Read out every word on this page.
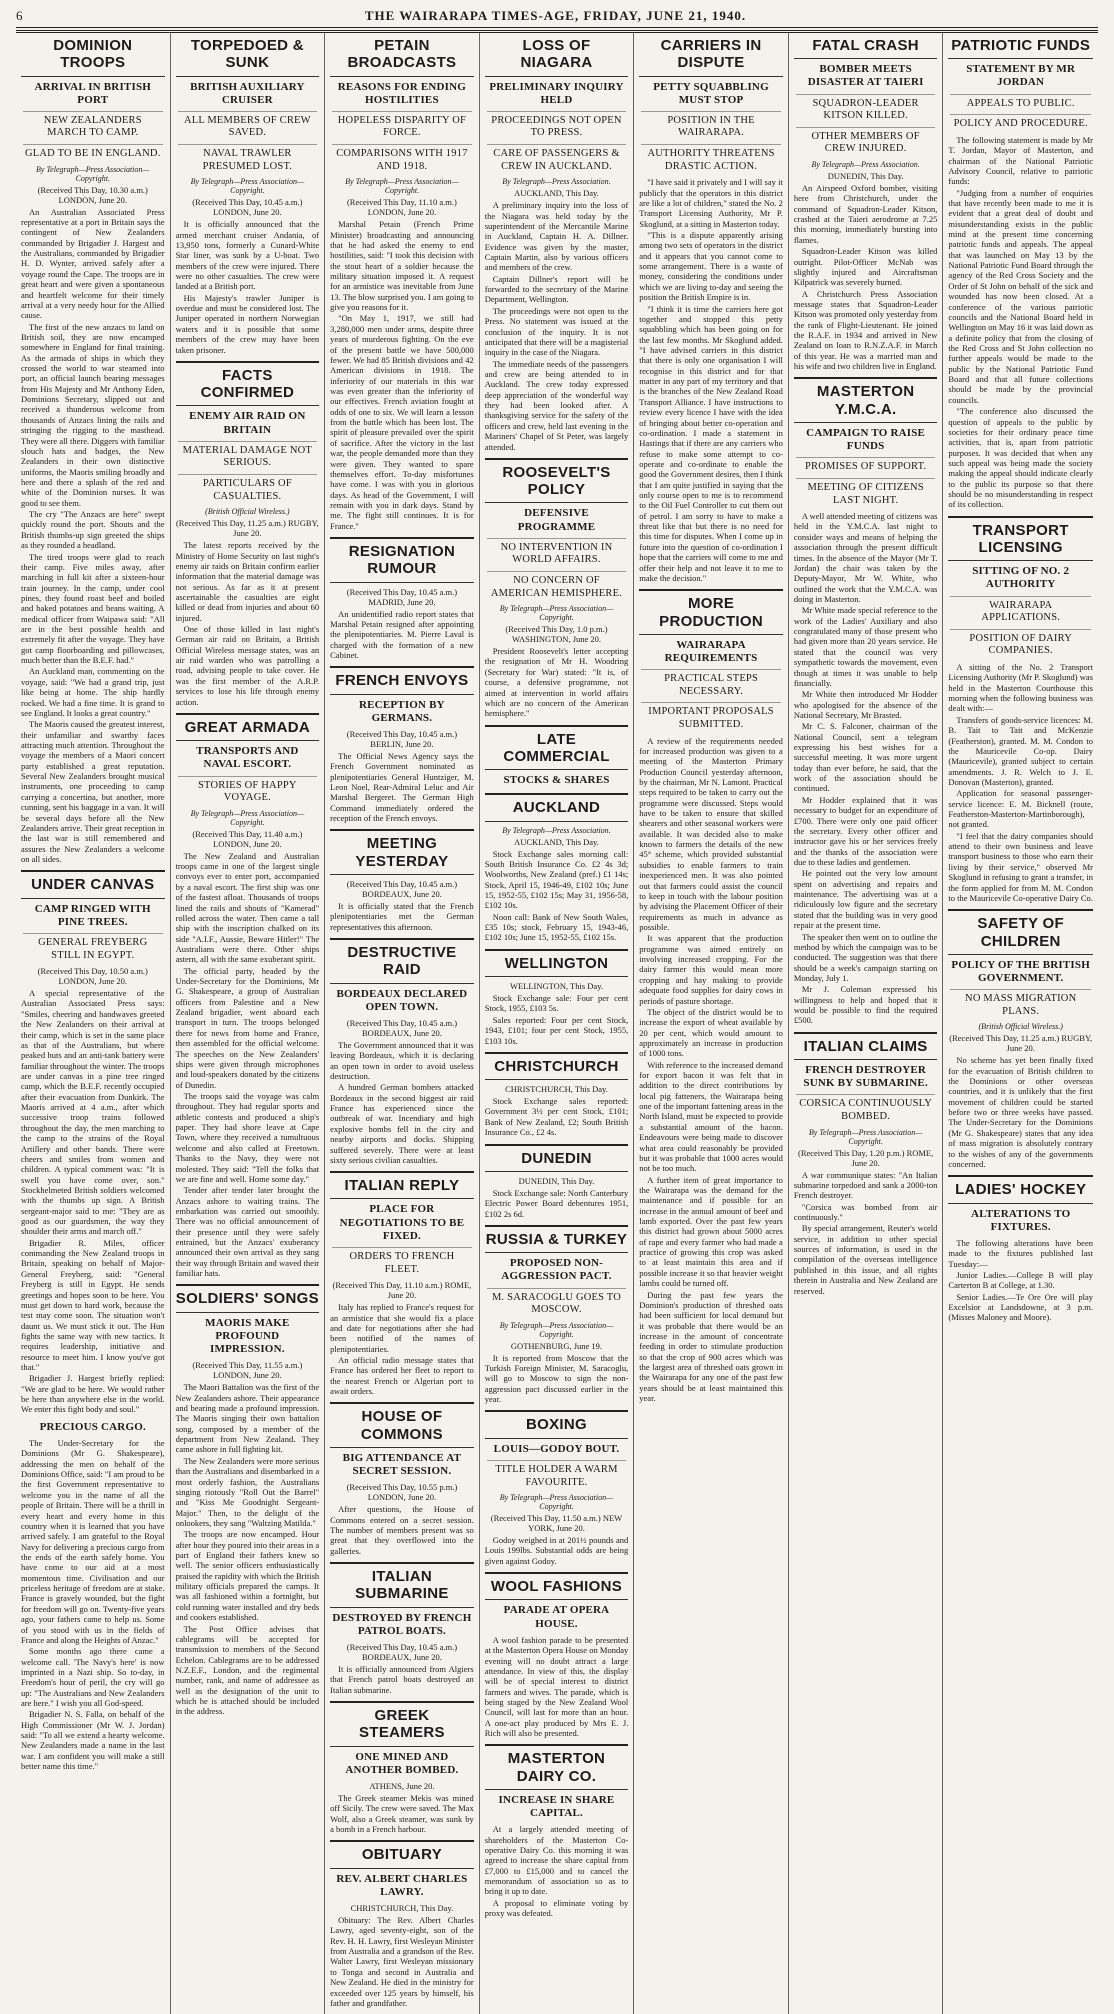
6	THE WAIRARAPA TIMES-AGE, FRIDAY, JUNE 21, 1940.
DOMINION TROOPS
ARRIVAL IN BRITISH PORT
NEW ZEALANDERS MARCH TO CAMP.
GLAD TO BE IN ENGLAND.
By Telegraph—Press Association—Copyright.
(Received This Day, 10.30 a.m.) LONDON, June 20.

An Australian Associated Press representative at a port in Britain says the contingent of New Zealanders commanded by Brigadier J. Hargest and the Australians, commanded by Brigadier H. D. Wynter, arrived safely after a voyage round the Cape. The troops are in great heart and were given a spontaneous and heartfelt welcome for their timely arrival at a very needy hour for the Allied cause.

The first of the new anzacs to land on British soil, they are now encamped somewhere in England for final training. As the armada of ships in which they crossed the world to war steamed into port, an official launch bearing messages from His Majesty and Mr Anthony Eden, Dominions Secretary, slipped out and received a thunderous welcome from thousands of Anzacs lining the rails and stringing the rigging to the masthead. They were all there. Diggers with familiar slouch hats and badges, the New Zealanders in their own distinctive uniforms, the Maoris smiling broadly and here and there a splash of the red and white of the Dominion nurses. It was good to see them.

The cry "The Anzacs are here" swept quickly round the port. Shouts and the British thumbs-up sign greeted the ships as they rounded a headland.

The tired troops were glad to reach their camp. Five miles away, after marching in full kit after a sixteen-hour train journey. In the camp, under cool pines, they found roast beef and boiled and baked potatoes and beans waiting. A medical officer from Waipawa said: "All are in the best possible health and extremely fit after the voyage. They have got camp floorboarding and pillowcases, much better than the B.E.F. had."

An Auckland man, commenting on the voyage, said: "We had a grand trip, just like being at home. The ship hardly rocked. We had a fine time. It is grand to see England. It looks a great country."

The Maoris caused the greatest interest, their unfamiliar and swarthy faces attracting much attention. Throughout the voyage the members of a Maori concert party established a great reputation. Several New Zealanders brought musical instruments, one proceeding to camp carrying a concertina, but another, more cunning, sent his baggage in a van. It will be several days before all the New Zealanders arrive. Their great reception in the last war is still remembered and assures the New Zealanders a welcome on all sides.

UNDER CANVAS
CAMP RINGED WITH PINE TREES.
GENERAL FREYBERG STILL IN EGYPT.
(Received This Day, 10.50 a.m.) LONDON, June 20.

A special representative of the Australian Associated Press says: "Smiles, cheering and handwaves greeted the New Zealanders on their arrival at their camp, which is set in the same place as that of the Australians, but where peaked huts and an anti-tank battery were familiar throughout the winter. The troops are under canvas in a pine tree ringed camp, which the B.E.F. recently occupied after their evacuation from Dunkirk. The Maoris arrived at 4 a.m., after which successive troop trains followed throughout the day, the men marching to the camp to the strains of the Royal Artillery and other bands. There were cheers and smiles from women and children. A typical comment was: "It is swell you have come over, son." Stockhelmeted British soldiers welcomed with the thumbs up sign. A British sergeant-major said to me: "They are as good as our guardsmen, the way they shoulder their arms and march off."

Brigadier R. Miles, officer commanding the New Zealand troops in Britain, speaking on behalf of Major-General Freyberg, said: "General Freyberg is still in Egypt. He sends greetings and hopes soon to be here. You must get down to hard work, because the test may come soon. The situation won't daunt us. We must stick it out. The Hun fights the same way with new tactics. It requires leadership, initiative and resource to meet him. I know you've got that."

Brigadier J. Hargest briefly replied: "We are glad to be here. We would rather be here than anywhere else in the world. We enter this fight body and soul."

PRECIOUS CARGO.

The Under-Secretary for the Dominions (Mr G. Shakespeare), addressing the men on behalf of the Dominions Office, said: "I am proud to be the first Government representative to welcome you in the name of all the people of Britain. There will be a thrill in every heart and every home in this country when it is learned that you have arrived safely. I am grateful to the Royal Navy for delivering a precious cargo from the ends of the earth safely home. You have come to our aid at a most momentous time. Civilisation and our priceless heritage of freedom are at stake. France is gravely wounded, but the fight for freedom will go on. Twenty-five years ago, your fathers came to help us. Some of you stood with us in the fields of France and along the Heights of Anzac."

Some months ago there came a welcome call. 'The Navy's here' is now imprinted in a Nazi ship. So to-day, in Freedom's hour of peril, the cry will go up: "The Australians and New Zealanders are here." I wish you all God-speed.

Brigadier N. S. Falla, on behalf of the High Commissioner (Mr W. J. Jordan) said: "To all we extend a hearty welcome. New Zealanders made a name in the last war. I am confident you will make a still better name this time."

TORPEDOED & SUNK
BRITISH AUXILIARY CRUISER
ALL MEMBERS OF CREW SAVED.
NAVAL TRAWLER PRESUMED LOST.
By Telegraph—Press Association—Copyright.
(Received This Day, 10.45 a.m.) LONDON, June 20.

It is officially announced that the armed merchant cruiser Andania, of 13,950 tons, formerly a Cunard-White Star liner, was sunk by a U-boat. Two members of the crew were injured. There were no other casualties. The crew were landed at a British port.

His Majesty's trawler Juniper is overdue and must be considered lost. The Juniper operated in northern Norwegian waters and it is possible that some members of the crew may have been taken prisoner.

FACTS CONFIRMED
ENEMY AIR RAID ON BRITAIN
MATERIAL DAMAGE NOT SERIOUS.
PARTICULARS OF CASUALTIES.
(British Official Wireless.)
(Received This Day, 11.25 a.m.) RUGBY, June 20.

The latest reports received by the Ministry of Home Security on last night's enemy air raids on Britain confirm earlier information that the material damage was not serious. As far as it at present ascertainable the casualties are eight killed or dead from injuries and about 60 injured.

One of those killed in last night's German air raid on Britain, a British Official Wireless message states, was an air raid warden who was patrolling a road, advising people to take cover. He was the first member of the A.R.P. services to lose his life through enemy action.

GREAT ARMADA
TRANSPORTS AND NAVAL ESCORT.
STORIES OF HAPPY VOYAGE.
By Telegraph—Press Association—Copyright.
(Received This Day, 11.40 a.m.) LONDON, June 20.

The New Zealand and Australian troops came in one of the largest single convoys ever to enter port, accompanied by a naval escort. The first ship was one of the fastest afloat. Thousands of troops lined the rails and shouts of "Kamerad" rolled across the water. Then came a tall ship with the inscription chalked on its side "A.I.F., Aussie, Beware Hitler!" The Australians were there. Other ships astern, all with the same exuberant spirit.

The official party, headed by the Under-Secretary for the Dominions, Mr G. Shakespeare, a group of Australian officers from Palestine and a New Zealand brigadier, went aboard each transport in turn. The troops belonged there for news from home and France, then assembled for the official welcome. The speeches on the New Zealanders' ships were given through microphones and loud-speakers donated by the citizens of Dunedin.

The troops said the voyage was calm throughout. They had regular sports and athletic contests and produced a ship's paper. They had shore leave at Cape Town, where they received a tumultuous welcome and also called at Freetown. Thanks to the Navy, they were not molested. They said: "Tell the folks that we are fine and well. Home some day."

Tender after tender later brought the Anzacs ashore to waiting trains. The embarkation was carried out smoothly. There was no official announcement of their presence until they were safely entrained, but the Anzacs' exuberancy announced their own arrival as they sang their way through Britain and waved their familiar hats.

SOLDIERS' SONGS
MAORIS MAKE PROFOUND IMPRESSION.
(Received This Day, 11.55 a.m.) LONDON, June 20.

The Maori Battalion was the first of the New Zealanders ashore. Their appearance and bearing made a profound impression. The Maoris singing their own battalion song, composed by a member of the department from New Zealand. They came ashore in full fighting kit.

The New Zealanders were more serious than the Australians and disembarked in a most orderly fashion, the Australians singing riotously "Roll Out the Barrel" and "Kiss Me Goodnight Sergeant-Major." Then, to the delight of the onlookers, they sang "Waltzing Matilda."

The troops are now encamped. Hour after hour they poured into their areas in a part of England their fathers knew so well. The senior officers enthusiastically praised the rapidity with which the British military officials prepared the camps. It was all fashioned within a fortnight, but cold running water installed and dry beds and cookers established.

The Post Office advises that cablegrams will be accepted for transmission to members of the Second Echelon. Cablegrams are to be addressed N.Z.E.F., London, and the regimental number, rank, and name of addressee as well as the designation of the unit to which he is attached should be included in the address.

PETAIN BROADCASTS
REASONS FOR ENDING HOSTILITIES
HOPELESS DISPARITY OF FORCE.
COMPARISONS WITH 1917 AND 1918.
By Telegraph—Press Association—Copyright.
(Received This Day, 11.10 a.m.) LONDON, June 20.

Marshal Petain (French Prime Minister) broadcasting and announcing that he had asked the enemy to end hostilities, said: "I took this decision with the stout heart of a soldier because the military situation imposed it. A request for an armistice was inevitable from June 13. The blow surprised you. I am going to give you reasons for it.

"On May 1, 1917, we still had 3,280,000 men under arms, despite three years of murderous fighting. On the eve of the present battle we have 500,000 fewer. We had 85 British divisions and 42 American divisions in 1918. The inferiority of our materials in this war was even greater than the inferiority of our effectives. French aviation fought at odds of one to six. We will learn a lesson from the battle which has been lost. The spirit of pleasure prevailed over the spirit of sacrifice. After the victory in the last war, the people demanded more than they were given. They wanted to spare themselves effort. To-day misfortunes have come. I was with you in glorious days. As head of the Government, I will remain with you in dark days. Stand by me. The fight still continues. It is for France."

RESIGNATION RUMOUR
(Received This Day, 10.45 a.m.) MADRID, June 20.

An unidentified radio report states that Marshal Petain resigned after appointing the plenipotentiaries. M. Pierre Laval is charged with the formation of a new Cabinet.

FRENCH ENVOYS
RECEPTION BY GERMANS.
(Received This Day, 10.45 a.m.) BERLIN, June 20.

The Official News Agency says the French Government nominated as plenipotentiaries General Huntziger, M. Leon Noel, Rear-Admiral Leluc and Air Marshal Bergeret. The German High Command immediately ordered the reception of the French envoys.

MEETING YESTERDAY
(Received This Day, 10.45 a.m.) BORDEAUX, June 20.

It is officially stated that the French plenipotentiaries met the German representatives this afternoon.

DESTRUCTIVE RAID
BORDEAUX DECLARED OPEN TOWN.
(Received This Day, 10.45 a.m.) BORDEAUX, June 20.

The Government announced that it was leaving Bordeaux, which it is declaring an open town in order to avoid useless destruction.

A hundred German bombers attacked Bordeaux in the second biggest air raid France has experienced since the outbreak of war. Incendiary and high explosive bombs fell in the city and nearby airports and docks. Shipping suffered severely. There were at least sixty serious civilian casualties.

ITALIAN REPLY
PLACE FOR NEGOTIATIONS TO BE FIXED.
ORDERS TO FRENCH FLEET.
(Received This Day, 11.10 a.m.) ROME, June 20.

Italy has replied to France's request for an armistice that she would fix a place and date for negotiations after she had been notified of the names of plenipotentiaries.

An official radio message states that France has ordered her fleet to report to the nearest French or Algerian port to await orders.

HOUSE OF COMMONS
BIG ATTENDANCE AT SECRET SESSION.
(Received This Day, 10.55 p.m.) LONDON, June 20.

After questions, the House of Commons entered on a secret session. The number of members present was so great that they overflowed into the galleries.

ITALIAN SUBMARINE
DESTROYED BY FRENCH PATROL BOATS.
(Received This Day, 10.45 a.m.) BORDEAUX, June 20.

It is officially announced from Algiers that French patrol boats destroyed an Italian submarine.

GREEK STEAMERS
ONE MINED AND ANOTHER BOMBED.
ATHENS, June 20.

The Greek steamer Mekis was mined off Sicily. The crew were saved. The Max Wolf, also a Greek steamer, was sunk by a bomb in a French harbour.

OBITUARY
REV. ALBERT CHARLES LAWRY.
CHRISTCHURCH, This Day.

Obituary: The Rev. Albert Charles Lawry, aged seventy-eight, son of the Rev. H. H. Lawry, first Wesleyan Minister from Australia and a grandson of the Rev. Walter Lawry, first Wesleyan missionary to Tonga and second in Australia and New Zealand. He died in the ministry for exceeded over 125 years by himself, his father and grandfather.

LOSS OF NIAGARA
PRELIMINARY INQUIRY HELD
PROCEEDINGS NOT OPEN TO PRESS.
CARE OF PASSENGERS & CREW IN AUCKLAND.
By Telegraph—Press Association.
AUCKLAND, This Day.

A preliminary inquiry into the loss of the Niagara was held today by the superintendent of the Mercantile Marine in Auckland, Captain H. A. Dillner. Evidence was given by the master, Captain Martin, also by various officers and members of the crew.

Captain Dillner's report will be forwarded to the secretary of the Marine Department, Wellington.

The proceedings were not open to the Press. No statement was issued at the conclusion of the inquiry. It is not anticipated that there will be a magisterial inquiry in the case of the Niagara.

The immediate needs of the passengers and crew are being attended to in Auckland. The crew today expressed deep appreciation of the wonderful way they had been looked after. A thanksgiving service for the safety of the officers and crew, held last evening in the Mariners' Chapel of St Peter, was largely attended.

ROOSEVELT'S POLICY
DEFENSIVE PROGRAMME
NO INTERVENTION IN WORLD AFFAIRS.
NO CONCERN OF AMERICAN HEMISPHERE.
By Telegraph—Press Association—Copyright.
(Received This Day, 1.0 p.m.) WASHINGTON, June 20.

President Roosevelt's letter accepting the resignation of Mr H. Woodring (Secretary for War) stated: "It is, of course, a defensive programme, not aimed at intervention in world affairs which are no concern of the American hemisphere."

LATE COMMERCIAL
STOCKS & SHARES
AUCKLAND
By Telegraph—Press Association.
AUCKLAND, This Day.

Stock Exchange sales morning call: South British Insurance Co. £2 4s 3d; Woolworths, New Zealand (pref.) £1 14s; Stock, April 15, 1946-49, £102 10s; June 15, 1952-55, £102 15s; May 31, 1956-58, £102 10s.

Noon call: Bank of New South Wales, £35 10s; stock, February 15, 1943-46, £102 10s; June 15, 1952-55, £102 15s.

WELLINGTON
WELLINGTON, This Day.

Stock Exchange sale: Four per cent Stock, 1955, £103 5s.

Sales reported: Four per cent Stock, 1943, £101; four per cent Stock, 1955, £103 10s.

CHRISTCHURCH
CHRISTCHURCH, This Day.

Stock Exchange sales reported: Government 3½ per cent Stock, £101; Bank of New Zealand, £2; South British Insurance Co., £2 4s.

DUNEDIN
DUNEDIN, This Day.

Stock Exchange sale: North Canterbury Electric Power Board debentures 1951, £102 2s 6d.

RUSSIA & TURKEY
PROPOSED NON-AGGRESSION PACT.
M. SARACOGLU GOES TO MOSCOW.
By Telegraph—Press Association—Copyright.
GOTHENBURG, June 19.

It is reported from Moscow that the Turkish Foreign Minister, M. Saracoglu, will go to Moscow to sign the non-aggression pact discussed earlier in the year.

BOXING
LOUIS—GODOY BOUT.
TITLE HOLDER A WARM FAVOURITE.
By Telegraph—Press Association—Copyright.
(Received This Day, 11.50 a.m.) NEW YORK, June 20.

Godoy weighed in at 201½ pounds and Louis 199lbs. Substantial odds are being given against Godoy.

WOOL FASHIONS
PARADE AT OPERA HOUSE.

A wool fashion parade to be presented at the Masterton Opera House on Monday evening will no doubt attract a large attendance. In view of this, the display will be of special interest to district farmers and wives. The parade, which is being staged by the New Zealand Wool Council, will last for more than an hour. A one-act play produced by Mrs E. J. Rich will also be presented.

MASTERTON DAIRY CO.
INCREASE IN SHARE CAPITAL.

At a largely attended meeting of shareholders of the Masterton Co-operative Dairy Co. this morning it was agreed to increase the share capital from £7,000 to £15,000 and to cancel the memorandum of association so as to bring it up to date.

A proposal to eliminate voting by proxy was defeated.

CARRIERS IN DISPUTE
PETTY SQUABBLING MUST STOP
POSITION IN THE WAIRARAPA.
AUTHORITY THREATENS DRASTIC ACTION.

"I have said it privately and I will say it publicly that the operators in this district are like a lot of children," stated the No. 2 Transport Licensing Authority, Mr P. Skoglund, at a sitting in Masterton today.

"This is a dispute apparently arising among two sets of operators in the district and it appears that you cannot come to some arrangement. There is a waste of money, considering the conditions under which we are living to-day and seeing the position the British Empire is in.

"I think it is time the carriers here got together and stopped this petty squabbling which has been going on for the last few months. Mr Skoglund added. "I have advised carriers in this district that there is only one organisation I will recognise in this district and for that matter in any part of my territory and that is the branches of the New Zealand Road Transport Alliance. I have instructions to review every licence I have with the idea of bringing about better co-operation and co-ordination. I made a statement in Hastings that if there are any carriers who refuse to make some attempt to co-operate and co-ordinate to enable the good the Government desires, then I think that I am quite justified in saying that the only course open to me is to recommend to the Oil Fuel Controller to cut them out of petrol. I am sorry to have to make a threat like that but there is no need for this time for disputes. When I come up in future into the question of co-ordination I hope that the carriers will come to me and offer their help and not leave it to me to make the decision."

MORE PRODUCTION
WAIRARAPA REQUIREMENTS
PRACTICAL STEPS NECESSARY.
IMPORTANT PROPOSALS SUBMITTED.

A review of the requirements needed for increased production was given to a meeting of the Masterton Primary Production Council yesterday afternoon, by the chairman, Mr N. Lamont. Practical steps required to be taken to carry out the programme were discussed. Steps would have to be taken to ensure that skilled shearers and other seasonal workers were available. It was decided also to make known to farmers the details of the new 45° scheme, which provided substantial subsidies to enable farmers to train inexperienced men. It was also pointed out that farmers could assist the council to keep in touch with the labour position by advising the Placement Officer of their requirements as much in advance as possible.

It was apparent that the production programme was aimed entirely on involving increased cropping. For the dairy farmer this would mean more cropping and hay making to provide adequate food supplies for dairy cows in periods of pasture shortage.

The object of the district would be to increase the export of wheat available by 20 per cent, which would amount to approximately an increase in production of 1000 tons.

With reference to the increased demand for export bacon it was felt that in addition to the direct contributions by local pig fatteners, the Wairarapa being one of the important fattening areas in the North Island, must be expected to provide a substantial amount of the bacon. Endeavours were being made to discover what area could reasonably be provided but it was probable that 1000 acres would not be too much.

A further item of great importance to the Wairarapa was the demand for the maintenance and if possible for an increase in the annual amount of beef and lamb exported. Over the past few years this district had grown about 5000 acres of rape and every farmer who had made a practice of growing this crop was asked to at least maintain this area and if possible increase it so that heavier weight lambs could be turned off.

During the past few years the Dominion's production of threshed oats had been sufficient for local demand but it was probable that there would be an increase in the amount of concentrate feeding in order to stimulate production so that the crop of 900 acres which was the largest area of threshed oats grown in the Wairarapa for any one of the past few years should be at least maintained this year.

FATAL CRASH
BOMBER MEETS DISASTER AT TAIERI
SQUADRON-LEADER KITSON KILLED.
OTHER MEMBERS OF CREW INJURED.
By Telegraph—Press Association.
DUNEDIN, This Day.

An Airspeed Oxford bomber, visiting here from Christchurch, under the command of Squadron-Leader Kitson, crashed at the Taieri aerodrome at 7.25 this morning, immediately bursting into flames.

Squadron-Leader Kitson was killed outright. Pilot-Officer McNab was slightly injured and Aircraftsman Kilpatrick was severely burned.

A Christchurch Press Association message states that Squadron-Leader Kitson was promoted only yesterday from the rank of Flight-Lieutenant. He joined the R.A.F. in 1934 and arrived in New Zealand on loan to R.N.Z.A.F. in March of this year. He was a married man and his wife and two children live in England.

MASTERTON Y.M.C.A.
CAMPAIGN TO RAISE FUNDS
PROMISES OF SUPPORT.
MEETING OF CITIZENS LAST NIGHT.

A well attended meeting of citizens was held in the Y.M.C.A. last night to consider ways and means of helping the association through the present difficult times. In the absence of the Mayor (Mr T. Jordan) the chair was taken by the Deputy-Mayor, Mr W. White, who outlined the work that the Y.M.C.A. was doing in Masterton.

Mr White made special reference to the work of the Ladies' Auxiliary and also congratulated many of those present who had given more than 20 years service. He stated that the council was very sympathetic towards the movement, even though at times it was unable to help financially.

Mr White then introduced Mr Hodder who apologised for the absence of the National Secretary, Mr Brasted.

Mr C. S. Falconer, chairman of the National Council, sent a telegram expressing his best wishes for a successful meeting. It was more urgent today than ever before, he said, that the work of the association should be continued.

Mr Hodder explained that it was necessary to budget for an expenditure of £700. There were only one paid officer the secretary. Every other officer and instructor gave his or her services freely and the thanks of the association were due to these ladies and gentlemen.

He pointed out the very low amount spent on advertising and repairs and maintenance. The advertising was at a ridiculously low figure and the secretary stated that the building was in very good repair at the present time.

The speaker then went on to outline the method by which the campaign was to be conducted. The suggestion was that there should be a week's campaign starting on Monday, July 1.

Mr J. Coleman expressed his willingness to help and hoped that it would be possible to find the required £500.

ITALIAN CLAIMS
FRENCH DESTROYER SUNK BY SUBMARINE.
CORSICA CONTINUOUSLY BOMBED.
By Telegraph—Press Association—Copyright.
(Received This Day, 1.20 p.m.) ROME, June 20.

A war communique states: "An Italian submarine torpedoed and sank a 2000-ton French destroyer.

"Corsica was bombed from air continuously."

By special arrangement, Reuter's world service, in addition to other special sources of information, is used in the compilation of the overseas intelligence published in this issue, and all rights therein in Australia and New Zealand are reserved.

PATRIOTIC FUNDS
STATEMENT BY MR JORDAN
APPEALS TO PUBLIC.
POLICY AND PROCEDURE.

The following statement is made by Mr T. Jordan, Mayor of Masterton, and chairman of the National Patriotic Advisory Council, relative to patriotic funds:

"Judging from a number of enquiries that have recently been made to me it is evident that a great deal of doubt and misunderstanding exists in the public mind at the present time concerning patriotic funds and appeals. The appeal that was launched on May 13 by the National Patriotic Fund Board through the agency of the Red Cross Society and the Order of St John on behalf of the sick and wounded has now been closed. At a conference of the various patriotic councils and the National Board held in Wellington on May 16 it was laid down as a definite policy that from the closing of the Red Cross and St John collection no further appeals would be made to the public by the National Patriotic Fund Board and that all future collections should be made by the provincial councils.

"The conference also discussed the question of appeals to the public by societies for their ordinary peace time activities, that is, apart from patriotic purposes. It was decided that when any such appeal was being made the society making the appeal should indicate clearly to the public its purpose so that there should be no misunderstanding in respect of its collection.

TRANSPORT LICENSING
SITTING OF NO. 2 AUTHORITY
WAIRARAPA APPLICATIONS.
POSITION OF DAIRY COMPANIES.

A sitting of the No. 2 Transport Licensing Authority (Mr P. Skoglund) was held in the Masterton Courthouse this morning when the following business was dealt with:—

Transfers of goods-service licences: M. B. Tait to Tait and McKenzie (Featherston), granted. M. M. Condon to the Mauricevile Co-op. Dairy (Mauricevile), granted subject to certain amendments. J. R. Welch to J. E. Donovan (Masterton), granted.

Application for seasonal passenger-service licence: E. M. Bicknell (route, Featherston-Masterton-Martinborough), not granted.

"I feel that the dairy companies should attend to their own business and leave transport business to those who earn their living by their service," observed Mr Skoglund in refusing to grant a transfer, in the form applied for from M. M. Condon to the Mauricevile Co-operative Dairy Co.

SAFETY OF CHILDREN
POLICY OF THE BRITISH GOVERNMENT.
NO MASS MIGRATION PLANS.
(British Official Wireless.)
(Received This Day, 11.25 a.m.) RUGBY, June 20.

No scheme has yet been finally fixed for the evacuation of British children to the Dominions or other overseas countries, and it is unlikely that the first movement of children could be started before two or three weeks have passed. The Under-Secretary for the Dominions (Mr G. Shakespeare) states that any idea of mass migration is absolutely contrary to the wishes of any of the governments concerned.

LADIES' HOCKEY
ALTERATIONS TO FIXTURES.

The following alterations have been made to the fixtures published last Tuesday:—

Junior Ladies.—College B will play Carterton B at College, at 1.30.

Senior Ladies.—Te Ore Ore will play Excelsior at Landsdowne, at 3 p.m. (Misses Maloney and Moore).
